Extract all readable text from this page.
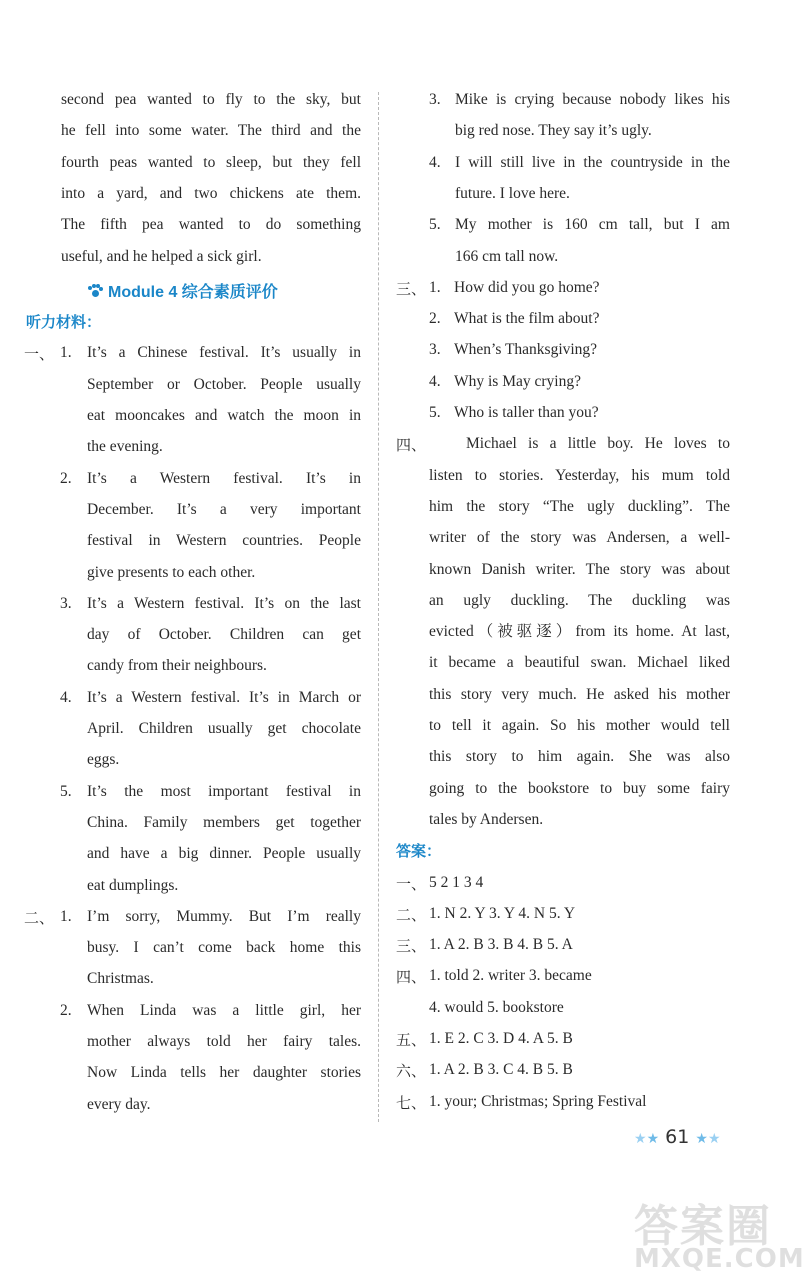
second pea wanted to fly to the sky, but
he fell into some water. The third and the
fourth peas wanted to sleep, but they fell
into a yard, and two chickens ate them.
The fifth pea wanted to do something
useful, and he helped a sick girl.
Module 4 综合素质评价
听力材料：
一、 1. It’s a Chinese festival. It’s usually in
September or October. People usually
eat mooncakes and watch the moon in
the evening.
2. It’s a Western festival. It’s in
December. It’s a very important
festival in Western countries. People
give presents to each other.
3. It’s a Western festival. It’s on the last
day of October. Children can get
candy from their neighbours.
4. It’s a Western festival. It’s in March or
April. Children usually get chocolate
eggs.
5. It’s the most important festival in
China. Family members get together
and have a big dinner. People usually
eat dumplings.
二、 1. I’m sorry, Mummy. But I’m really
busy. I can’t come back home this
Christmas.
2. When Linda was a little girl, her
mother always told her fairy tales.
Now Linda tells her daughter stories
every day.
3. Mike is crying because nobody likes his
big red nose. They say it’s ugly.
4. I will still live in the countryside in the
future. I love here.
5. My mother is 160 cm tall, but I am
166 cm tall now.
三、 1. How did you go home?
2. What is the film about?
3. When’s Thanksgiving?
4. Why is May crying?
5. Who is taller than you?
四、	Michael is a little boy. He loves to
listen to stories. Yesterday, his mum told
him the story “The ugly duckling”. The
writer of the story was Andersen, a well-
known Danish writer. The story was about
an ugly duckling. The duckling was
evicted（被驱逐）from its home. At last,
it became a beautiful swan. Michael liked
this story very much. He asked his mother
to tell it again. So his mother would tell
this story to him again. She was also
going to the bookstore to buy some fairy
tales by Andersen.
答案：
一、 5 2 1 3 4
二、 1. N 2. Y 3. Y 4. N 5. Y
三、 1. A 2. B 3. B 4. B 5. A
四、 1. told 2. writer 3. became
4. would 5. bookstore
五、 1. E 2. C 3. D 4. A 5. B
六、 1. A 2. B 3. C 4. B 5. B
七、 1. your; Christmas; Spring Festival
★★ 61 ★★
答案圈
MXQE.COM
